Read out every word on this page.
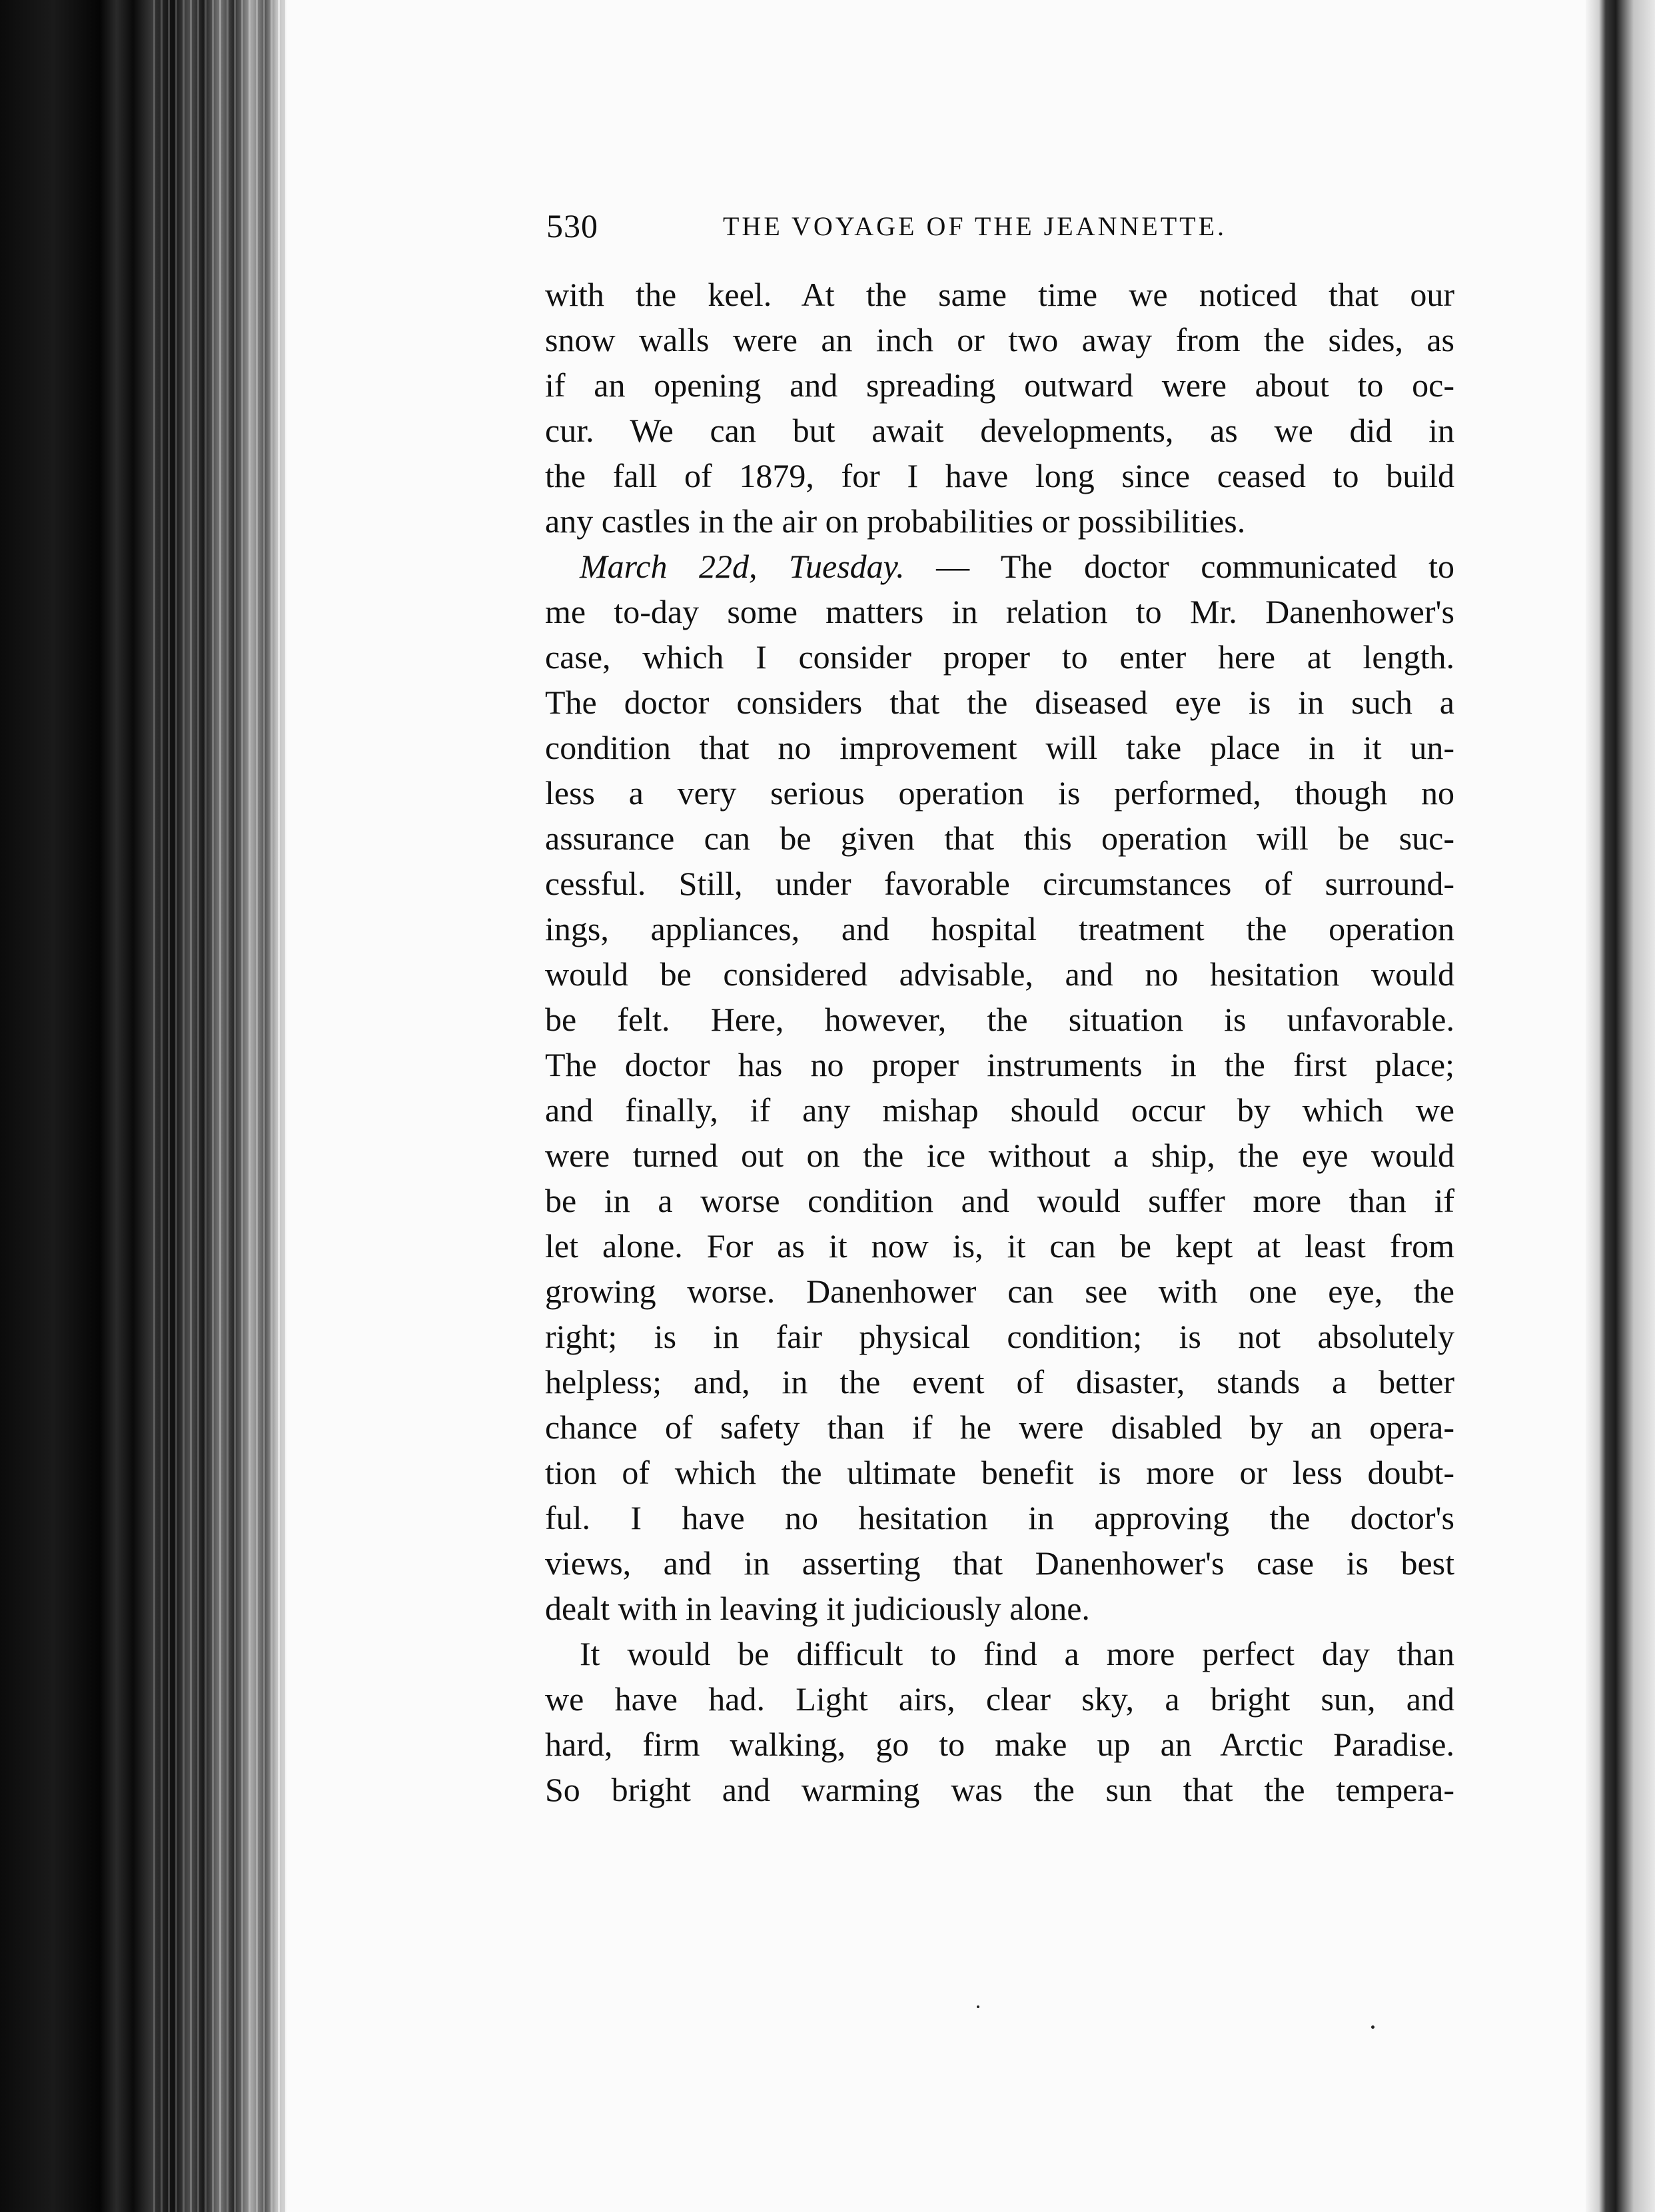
530	THE VOYAGE OF THE JEANNETTE.
with the keel. At the same time we noticed that our
snow walls were an inch or two away from the sides, as
if an opening and spreading outward were about to oc-
cur. We can but await developments, as we did in
the fall of 1879, for I have long since ceased to build
any castles in the air on probabilities or possibilities.
March 22d, Tuesday. — The doctor communicated to
me to-day some matters in relation to Mr. Danenhower's
case, which I consider proper to enter here at length.
The doctor considers that the diseased eye is in such a
condition that no improvement will take place in it un-
less a very serious operation is performed, though no
assurance can be given that this operation will be suc-
cessful. Still, under favorable circumstances of surround-
ings, appliances, and hospital treatment the operation
would be considered advisable, and no hesitation would
be felt. Here, however, the situation is unfavorable.
The doctor has no proper instruments in the first place;
and finally, if any mishap should occur by which we
were turned out on the ice without a ship, the eye would
be in a worse condition and would suffer more than if
let alone. For as it now is, it can be kept at least from
growing worse. Danenhower can see with one eye, the
right; is in fair physical condition; is not absolutely
helpless; and, in the event of disaster, stands a better
chance of safety than if he were disabled by an opera-
tion of which the ultimate benefit is more or less doubt-
ful. I have no hesitation in approving the doctor's
views, and in asserting that Danenhower's case is best
dealt with in leaving it judiciously alone.
It would be difficult to find a more perfect day than
we have had. Light airs, clear sky, a bright sun, and
hard, firm walking, go to make up an Arctic Paradise.
So bright and warming was the sun that the tempera-
